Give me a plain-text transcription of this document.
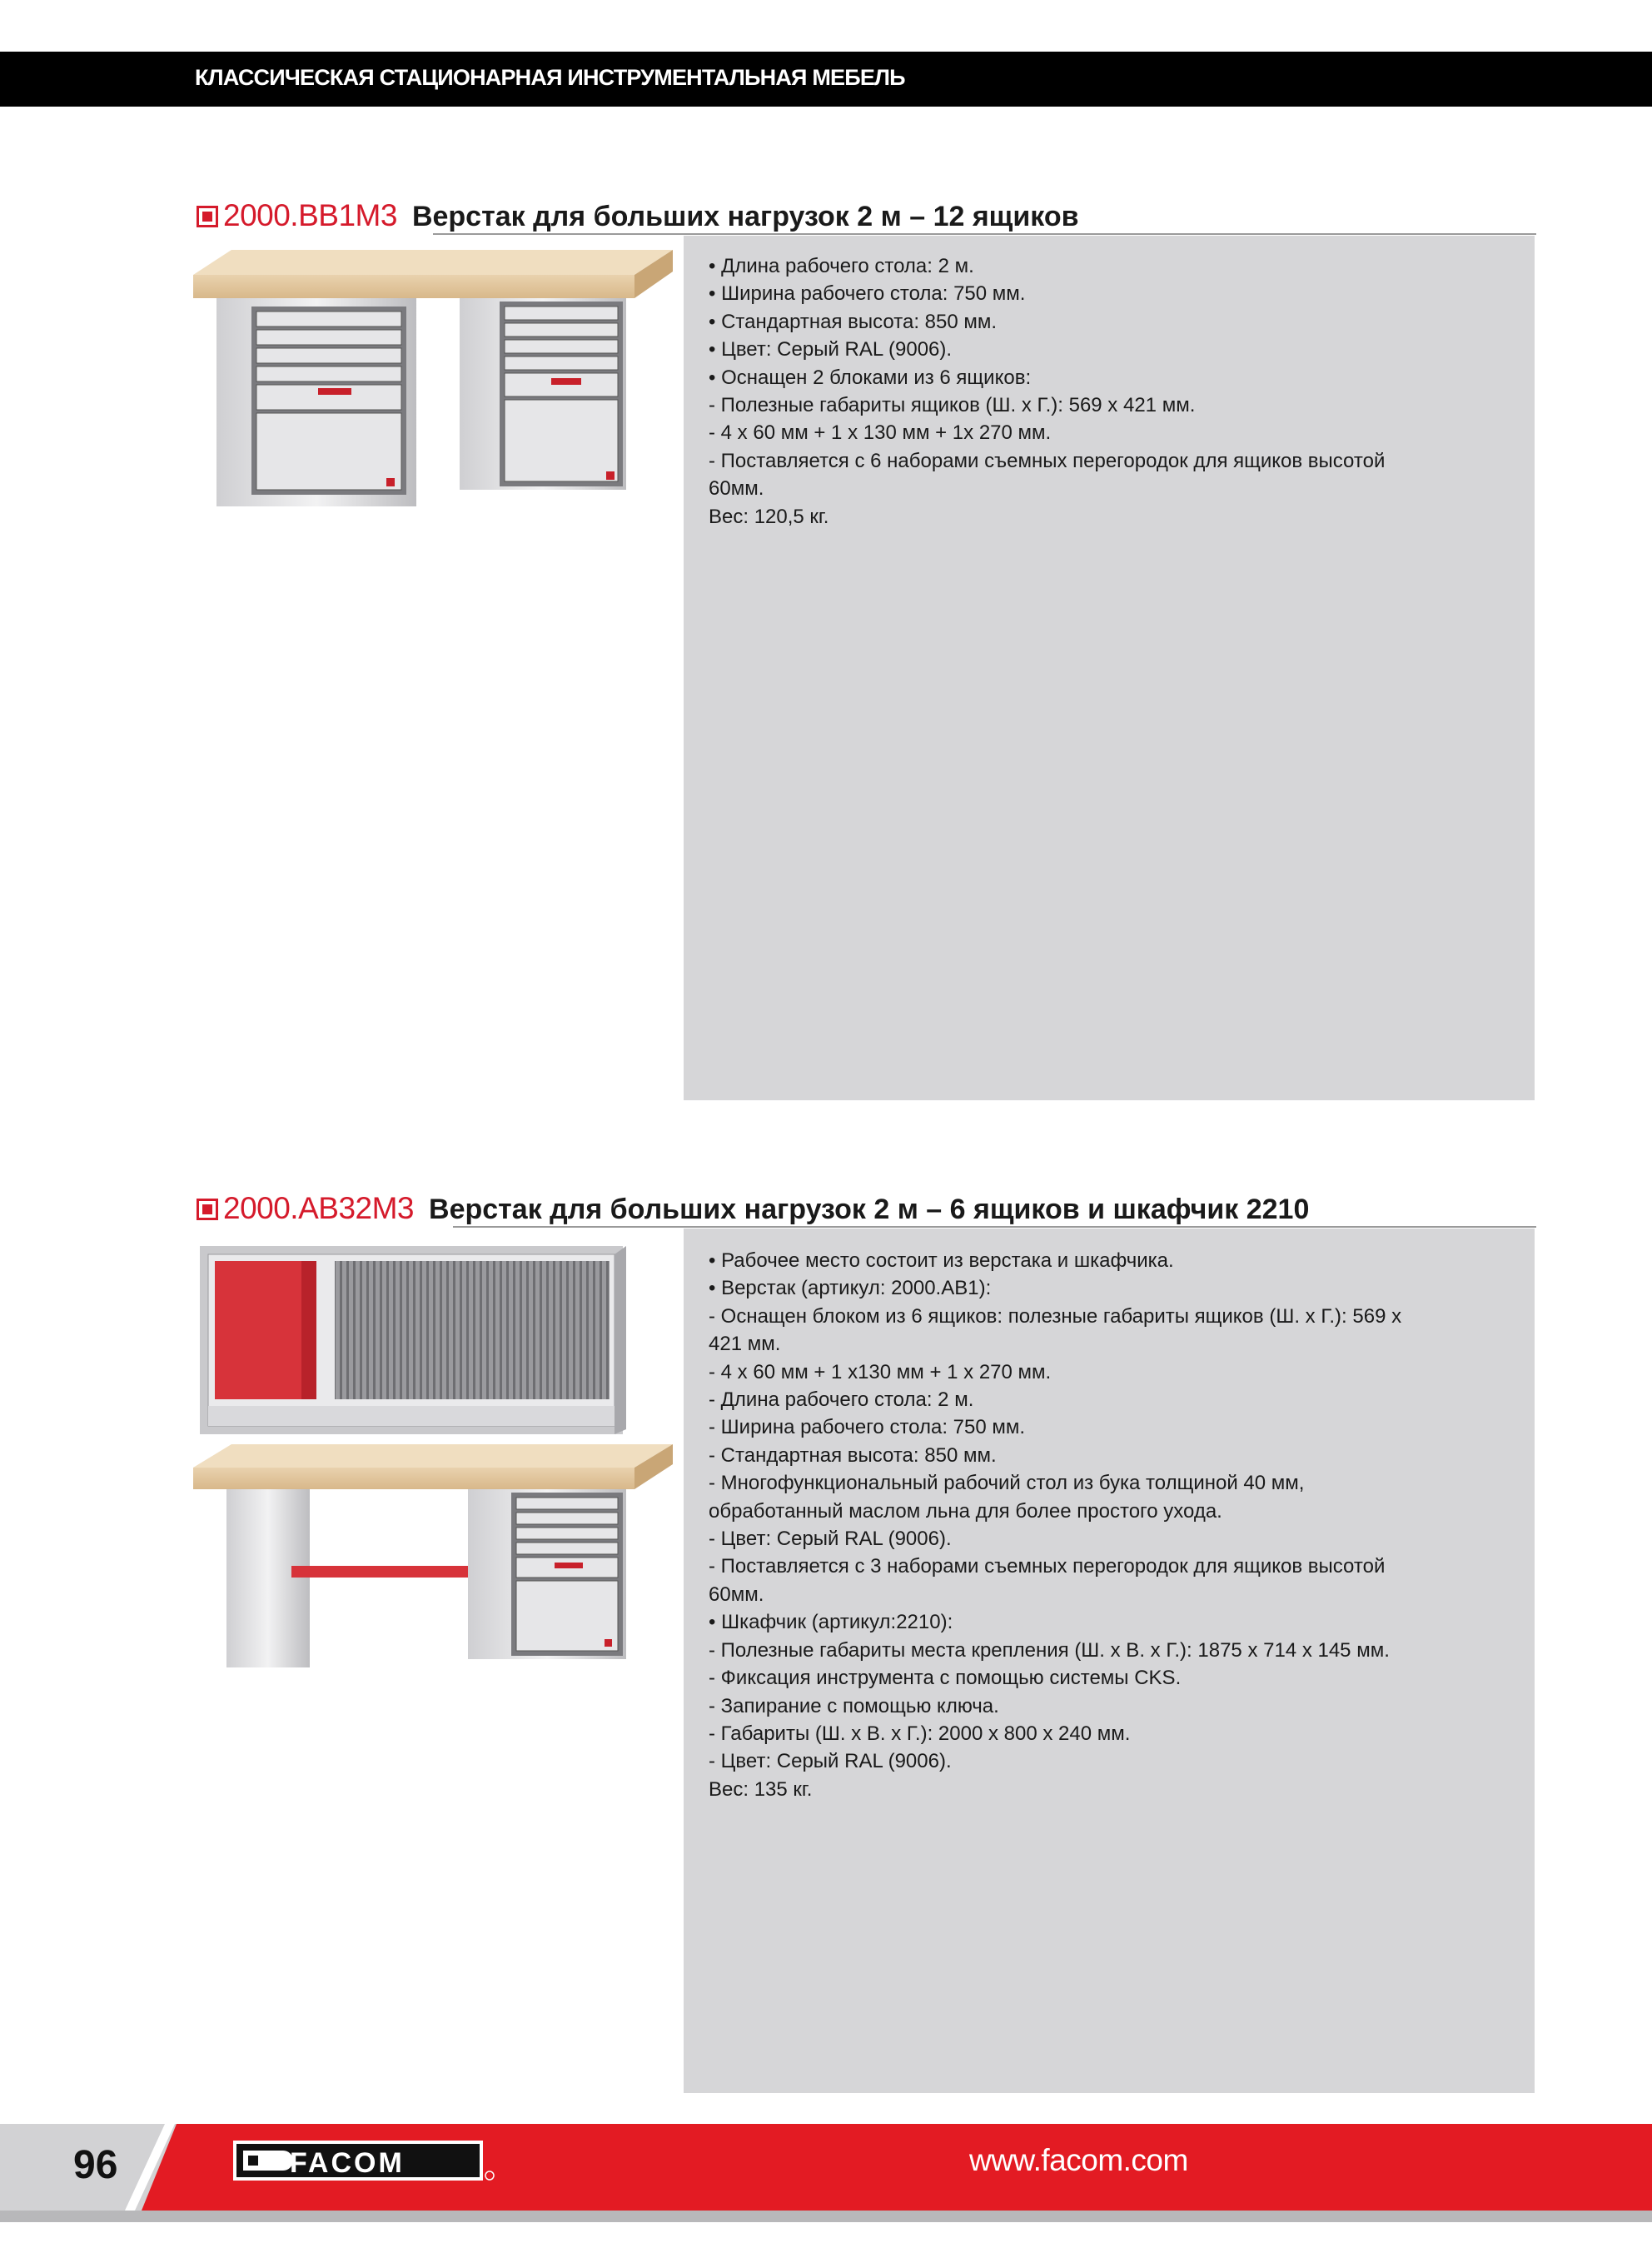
КЛАССИЧЕСКАЯ СТАЦИОНАРНАЯ ИНСТРУМЕНТАЛЬНАЯ МЕБЕЛЬ
2000.BB1M3 Верстак для больших нагрузок 2 м – 12 ящиков
• Длина рабочего стола: 2 м.
• Ширина рабочего стола: 750 мм.
• Стандартная высота: 850 мм.
• Цвет: Серый RAL (9006).
• Оснащен 2 блоками из 6 ящиков:
- Полезные габариты ящиков (Ш. x Г.): 569 x 421 мм.
- 4 x 60 мм + 1 x 130 мм + 1x 270 мм.
- Поставляется с 6 наборами съемных перегородок для ящиков высотой
60мм.
Вес: 120,5 кг.
2000.AB32M3 Верстак для больших нагрузок 2 м – 6 ящиков и шкафчик 2210
• Рабочее место состоит из верстака и шкафчика.
• Верстак (артикул: 2000.AB1):
- Оснащен блоком из 6 ящиков: полезные габариты ящиков (Ш. x Г.): 569 x
421 мм.
- 4 x 60 мм + 1 x130 мм + 1 x 270 мм.
- Длина рабочего стола: 2 м.
- Ширина рабочего стола: 750 мм.
- Стандартная высота: 850 мм.
- Многофункциональный рабочий стол из бука толщиной 40 мм,
обработанный маслом льна для более простого ухода.
- Цвет: Серый RAL (9006).
- Поставляется с 3 наборами съемных перегородок для ящиков высотой
60мм.
• Шкафчик (артикул:2210):
- Полезные габариты места крепления (Ш. x В. x Г.): 1875 x 714 x 145 мм.
- Фиксация инструмента с помощью системы CKS.
- Запирание с помощью ключа.
- Габариты (Ш. x В. x Г.): 2000 x 800 x 240 мм.
- Цвет: Серый RAL (9006).
Вес: 135 кг.
96	FACOM	www.facom.com
